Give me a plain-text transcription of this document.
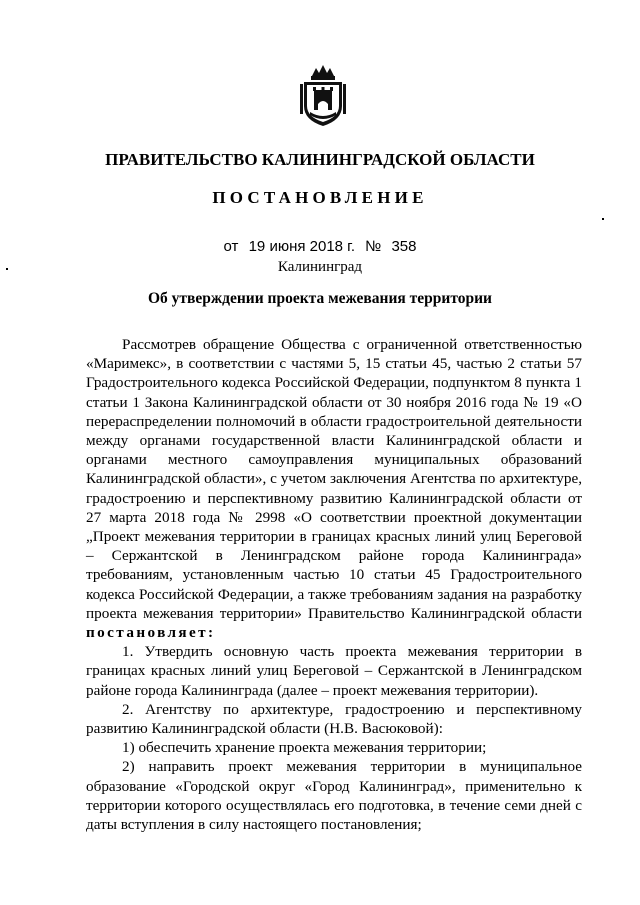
ПРАВИТЕЛЬСТВО КАЛИНИНГРАДСКОЙ ОБЛАСТИ
ПОСТАНОВЛЕНИЕ
от 19 июня 2018 г. № 358
Калининград
Об утверждении проекта межевания территории

Рассмотрев обращение Общества с ограниченной ответственностью «Маримекс», в соответствии с частями 5, 15 статьи 45, частью 2 статьи 57 Градостроительного кодекса Российской Федерации, подпунктом 8 пункта 1 статьи 1 Закона Калининградской области от 30 ноября 2016 года № 19 «О перераспределении полномочий в области градостроительной деятельности между органами государственной власти Калининградской области и органами местного самоуправления муниципальных образований Калининградской области», с учетом заключения Агентства по архитектуре, градостроению и перспективному развитию Калининградской области от 27 марта 2018 года № 2998 «О соответствии проектной документации „Проект межевания территории в границах красных линий улиц Береговой – Сержантской в Ленинградском районе города Калининграда» требованиям, установленным частью 10 статьи 45 Градостроительного кодекса Российской Федерации, а также требованиям задания на разработку проекта межевания территории» Правительство Калининградской области постановляет:

1. Утвердить основную часть проекта межевания территории в границах красных линий улиц Береговой – Сержантской в Ленинградском районе города Калининграда (далее – проект межевания территории).

2. Агентству по архитектуре, градостроению и перспективному развитию Калининградской области (Н.В. Васюковой):

1) обеспечить хранение проекта межевания территории;

2) направить проект межевания территории в муниципальное образование «Городской округ «Город Калининград», применительно к территории которого осуществлялась его подготовка, в течение семи дней с даты вступления в силу настоящего постановления;
